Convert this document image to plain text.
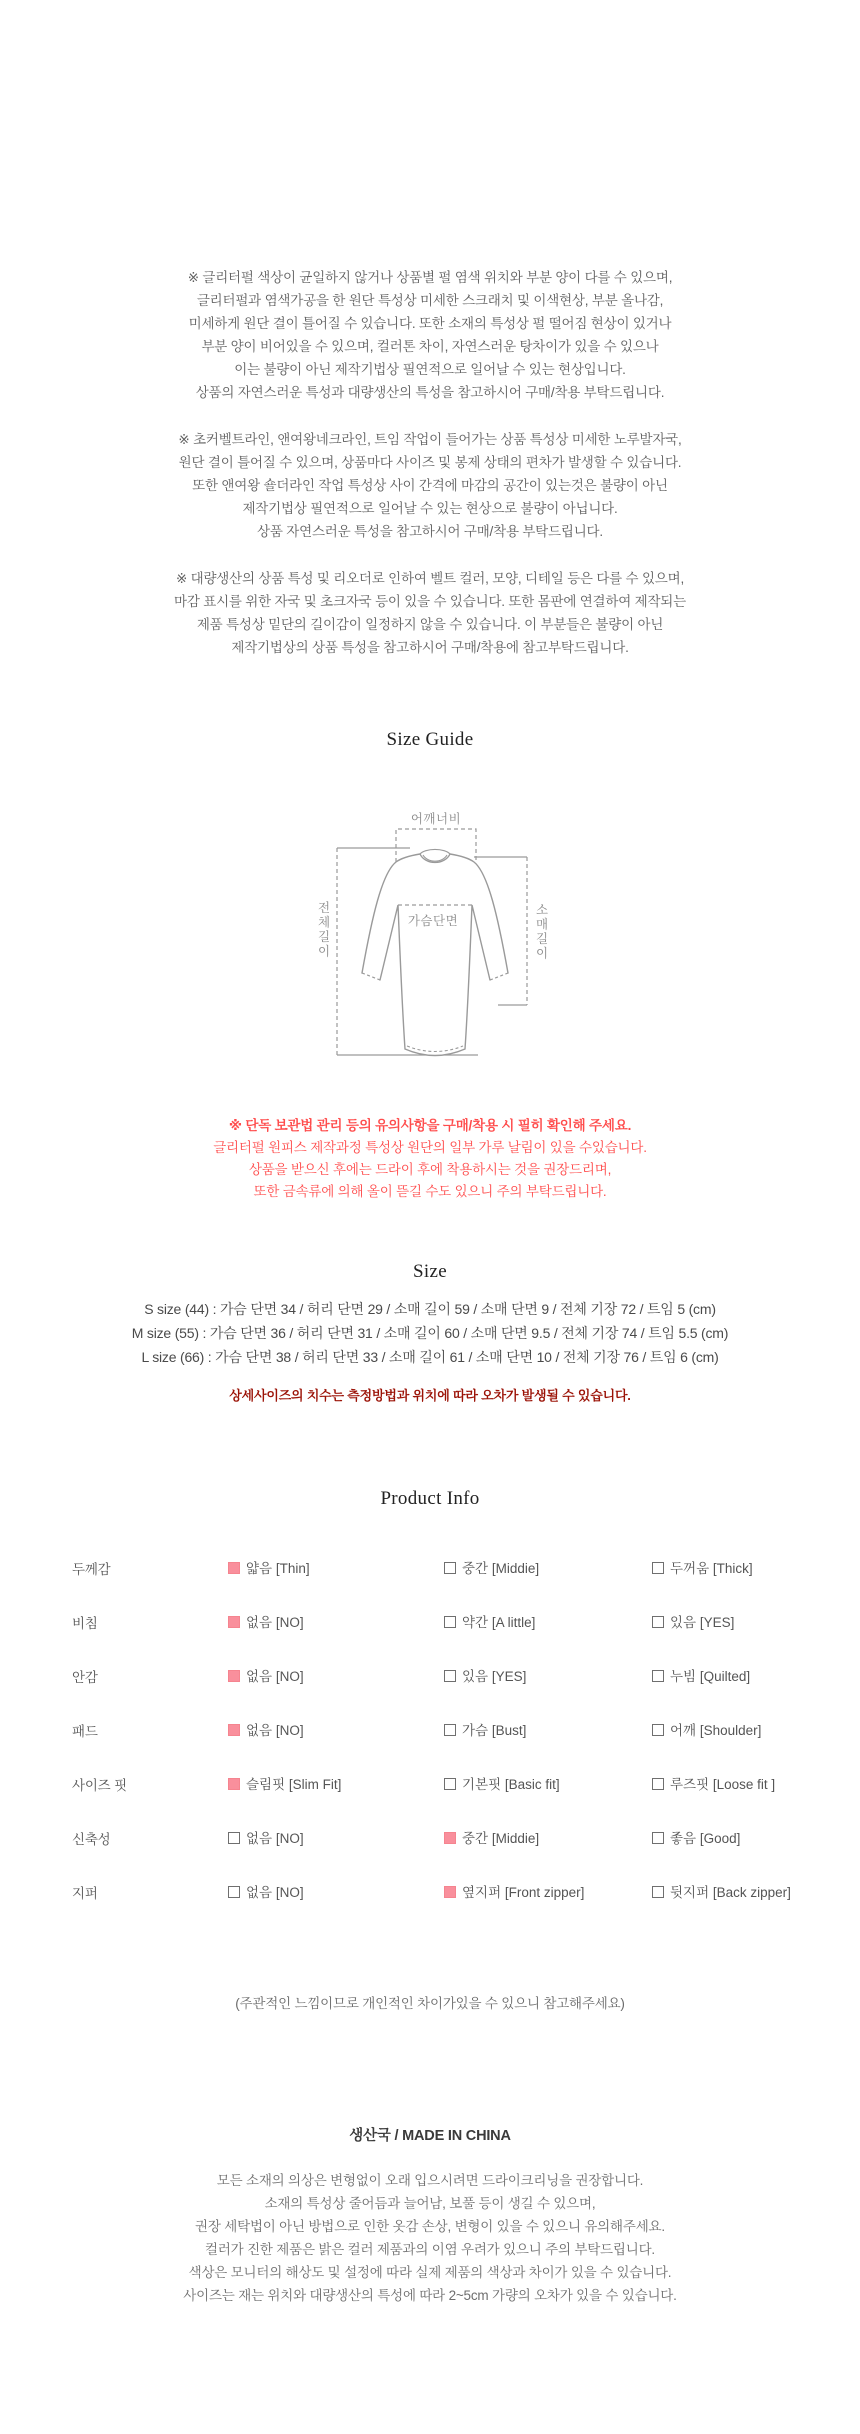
※ 글리터펄 색상이 균일하지 않거나 상품별 펄 염색 위치와 부분 양이 다를 수 있으며,

글리터펄과 염색가공을 한 원단 특성상 미세한 스크래치 및 이색현상, 부분 올나감,

미세하게 원단 결이 틀어질 수 있습니다. 또한 소재의 특성상 펄 떨어짐 현상이 있거나

부분 양이 비어있을 수 있으며, 컬러톤 차이, 자연스러운 탕차이가 있을 수 있으나

이는 불량이 아닌 제작기법상 필연적으로 일어날 수 있는 현상입니다.

상품의 자연스러운 특성과 대량생산의 특성을 참고하시어 구매/착용 부탁드립니다.

※ 초커벨트라인, 앤여왕네크라인, 트임 작업이 들어가는 상품 특성상 미세한 노루발자국,

원단 결이 틀어질 수 있으며, 상품마다 사이즈 및 봉제 상태의 편차가 발생할 수 있습니다.

또한 앤여왕 숄더라인 작업 특성상 사이 간격에 마감의 공간이 있는것은 불량이 아닌

제작기법상 필연적으로 일어날 수 있는 현상으로 불량이 아닙니다.

상품 자연스러운 특성을 참고하시어 구매/착용 부탁드립니다.

※ 대량생산의 상품 특성 및 리오더로 인하여 벨트 컬러, 모양, 디테일 등은 다를 수 있으며,

마감 표시를 위한 자국 및 초크자국 등이 있을 수 있습니다. 또한 몸판에 연결하여 제작되는

제품 특성상 밑단의 길이감이 일정하지 않을 수 있습니다. 이 부분들은 불량이 아닌

제작기법상의 상품 특성을 참고하시어 구매/착용에 참고부탁드립니다.

Size Guide
어깨너비
가슴단면
전체길이	소매길이

※ 단독 보관법 관리 등의 유의사항을 구매/착용 시 필히 확인해 주세요.

글리터펄 원피스 제작과정 특성상 원단의 일부 가루 날림이 있을 수있습니다.

상품을 받으신 후에는 드라이 후에 착용하시는 것을 권장드리며,

또한 금속류에 의해 올이 뜯길 수도 있으니 주의 부탁드립니다.

Size

S size (44) : 가슴 단면 34 / 허리 단면 29 / 소매 길이 59 / 소매 단면 9 / 전체 기장 72 / 트임 5 (cm)

M size (55) : 가슴 단면 36 / 허리 단면 31 / 소매 길이 60 / 소매 단면 9.5 / 전체 기장 74 / 트임 5.5 (cm)

L size (66) : 가슴 단면 38 / 허리 단면 33 / 소매 길이 61 / 소매 단면 10 / 전체 기장 76 / 트임 6 (cm)

상세사이즈의 치수는 측정방법과 위치에 따라 오차가 발생될 수 있습니다.

Product Info
두께감	얇음 [Thin]	중간 [Middie]	두꺼움 [Thick]
비침	없음 [NO]	약간 [A little]	있음 [YES]
안감	없음 [NO]	있음 [YES]	누빔 [Quilted]
패드	없음 [NO]	가슴 [Bust]	어깨 [Shoulder]
사이즈 핏	슬림핏 [Slim Fit]	기본핏 [Basic fit]	루즈핏 [Loose fit ]
신축성	없음 [NO]	중간 [Middie]	좋음 [Good]
지퍼	없음 [NO]	옆지퍼 [Front zipper]	뒷지퍼 [Back zipper]

(주관적인 느낌이므로 개인적인 차이가있을 수 있으니 참고해주세요)

생산국 / MADE IN CHINA

모든 소재의 의상은 변형없이 오래 입으시려면 드라이크리닝을 권장합니다.

소재의 특성상 줄어듬과 늘어남, 보풀 등이 생길 수 있으며,

권장 세탁법이 아닌 방법으로 인한 옷감 손상, 변형이 있을 수 있으니 유의해주세요.

컬러가 진한 제품은 밝은 컬러 제품과의 이염 우려가 있으니 주의 부탁드립니다.

색상은 모니터의 해상도 및 설정에 따라 실제 제품의 색상과 차이가 있을 수 있습니다.

사이즈는 재는 위치와 대량생산의 특성에 따라 2~5cm 가량의 오차가 있을 수 있습니다.
